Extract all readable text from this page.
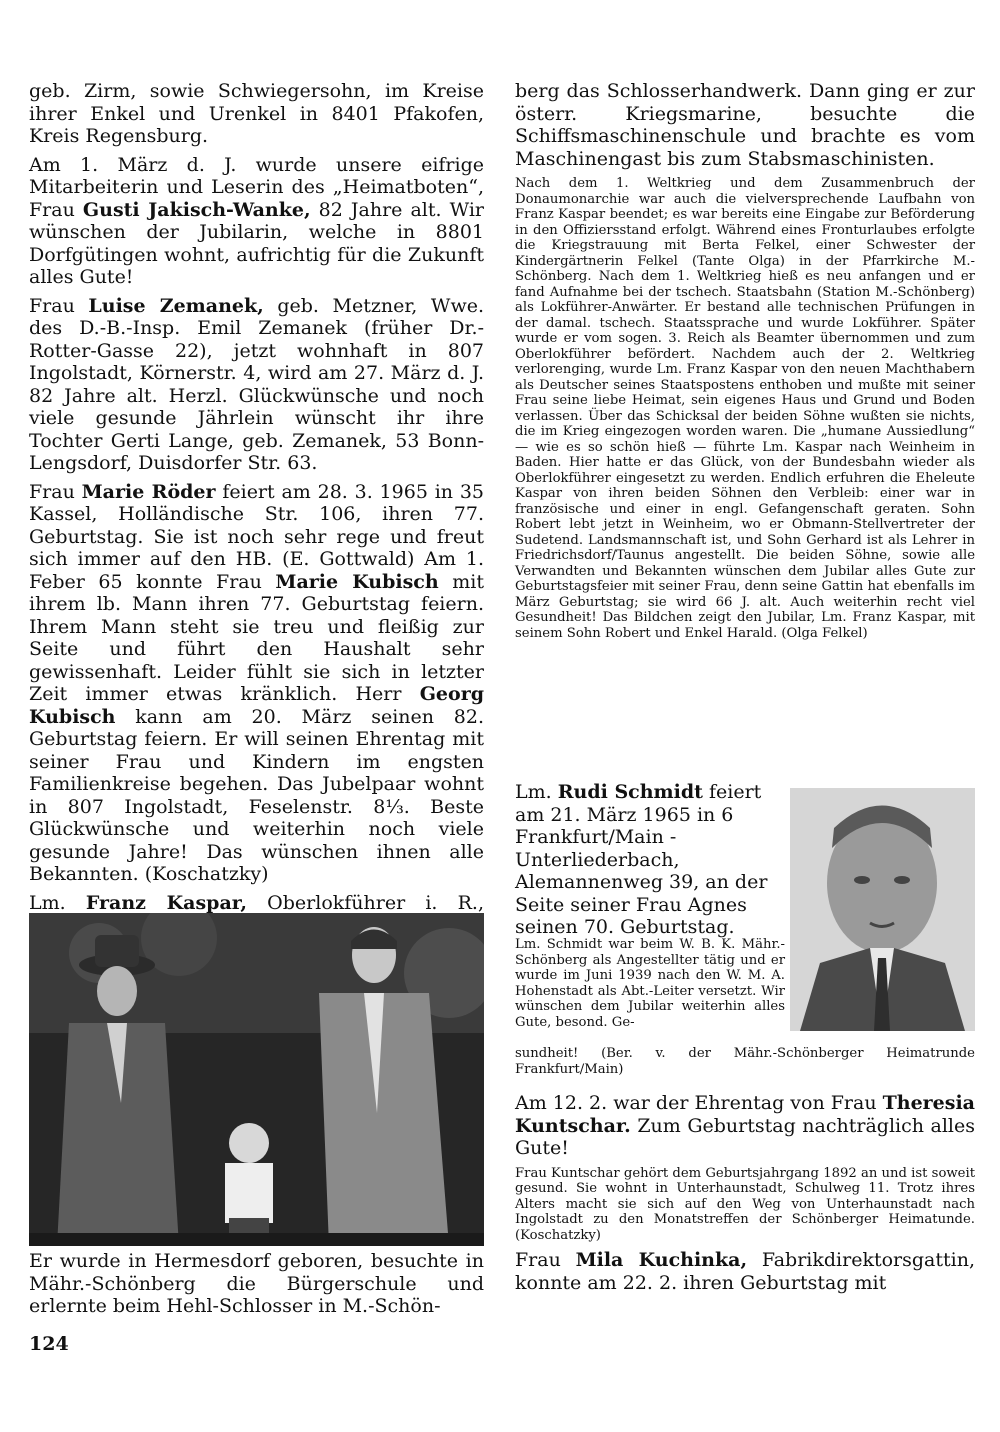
geb. Zirm, sowie Schwiegersohn, im Kreise ihrer Enkel und Urenkel in 8401 Pfakofen, Kreis Regensburg.

Am 1. März d. J. wurde unsere eifrige Mitarbeiterin und Leserin des „Heimatboten“, Frau Gusti Jakisch-Wanke, 82 Jahre alt. Wir wünschen der Jubilarin, welche in 8801 Dorfgütingen wohnt, aufrichtig für die Zukunft alles Gute!

Frau Luise Zemanek, geb. Metzner, Wwe. des D.-B.-Insp. Emil Zemanek (früher Dr.-Rotter-Gasse 22), jetzt wohnhaft in 807 Ingolstadt, Körnerstr. 4, wird am 27. März d. J. 82 Jahre alt. Herzl. Glückwünsche und noch viele gesunde Jährlein wünscht ihr ihre Tochter Gerti Lange, geb. Zemanek, 53 Bonn-Lengsdorf, Duisdorfer Str. 63.

Frau Marie Röder feiert am 28. 3. 1965 in 35 Kassel, Holländische Str. 106, ihren 77. Geburtstag. Sie ist noch sehr rege und freut sich immer auf den HB. (E. Gottwald) Am 1. Feber 65 konnte Frau Marie Kubisch mit ihrem lb. Mann ihren 77. Geburtstag feiern. Ihrem Mann steht sie treu und fleißig zur Seite und führt den Haushalt sehr gewissenhaft. Leider fühlt sie sich in letzter Zeit immer etwas kränklich. Herr Georg Kubisch kann am 20. März seinen 82. Geburtstag feiern. Er will seinen Ehrentag mit seiner Frau und Kindern im engsten Familienkreise begehen. Das Jubelpaar wohnt in 807 Ingolstadt, Feselenstr. 8⅓. Beste Glückwünsche und weiterhin noch viele gesunde Jahre! Das wünschen ihnen alle Bekannten. (Koschatzky)

Lm. Franz Kaspar, Oberlokführer i. R.,

Er wurde in Hermesdorf geboren, besuchte in Mähr.-Schönberg die Bürgerschule und erlernte beim Hehl-Schlosser in M.-Schön-

124

berg das Schlosserhandwerk. Dann ging er zur österr. Kriegsmarine, besuchte die Schiffsmaschinenschule und brachte es vom Maschinengast bis zum Stabsmaschinisten.

Nach dem 1. Weltkrieg und dem Zusammenbruch der Donaumonarchie war auch die vielversprechende Laufbahn von Franz Kaspar beendet; es war bereits eine Eingabe zur Beförderung in den Offiziersstand erfolgt. Während eines Fronturlaubes erfolgte die Kriegstrauung mit Berta Felkel, einer Schwester der Kindergärtnerin Felkel (Tante Olga) in der Pfarrkirche M.-Schönberg. Nach dem 1. Weltkrieg hieß es neu anfangen und er fand Aufnahme bei der tschech. Staatsbahn (Station M.-Schönberg) als Lokführer-Anwärter. Er bestand alle technischen Prüfungen in der damal. tschech. Staatssprache und wurde Lokführer. Später wurde er vom sogen. 3. Reich als Beamter übernommen und zum Oberlokführer befördert. Nachdem auch der 2. Weltkrieg verlorenging, wurde Lm. Franz Kaspar von den neuen Machthabern als Deutscher seines Staatspostens enthoben und mußte mit seiner Frau seine liebe Heimat, sein eigenes Haus und Grund und Boden verlassen. Über das Schicksal der beiden Söhne wußten sie nichts, die im Krieg eingezogen worden waren. Die „humane Aussiedlung“ — wie es so schön hieß — führte Lm. Kaspar nach Weinheim in Baden. Hier hatte er das Glück, von der Bundesbahn wieder als Oberlokführer eingesetzt zu werden. Endlich erfuhren die Eheleute Kaspar von ihren beiden Söhnen den Verbleib: einer war in französische und einer in engl. Gefangenschaft geraten. Sohn Robert lebt jetzt in Weinheim, wo er Obmann-Stellvertreter der Sudetend. Landsmannschaft ist, und Sohn Gerhard ist als Lehrer in Friedrichsdorf/Taunus angestellt. Die beiden Söhne, sowie alle Verwandten und Bekannten wünschen dem Jubilar alles Gute zur Geburtstagsfeier mit seiner Frau, denn seine Gattin hat ebenfalls im März Geburtstag; sie wird 66 J. alt. Auch weiterhin recht viel Gesundheit! Das Bildchen zeigt den Jubilar, Lm. Franz Kaspar, mit seinem Sohn Robert und Enkel Harald. (Olga Felkel)

Lm. Rudi Schmidt feiert am 21. März 1965 in 6 Frankfurt/Main - Unterliederbach, Alemannenweg 39, an der Seite seiner Frau Agnes seinen 70. Geburtstag.

Lm. Schmidt war beim W. B. K. Mähr.-Schönberg als Angestellter tätig und er wurde im Juni 1939 nach den W. M. A. Hohenstadt als Abt.-Leiter versetzt. Wir wünschen dem Jubilar weiterhin alles Gute, besond. Ge-

sundheit! (Ber. v. der Mähr.-Schönberger Heimatrunde Frankfurt/Main)

Am 12. 2. war der Ehrentag von Frau Theresia Kuntschar. Zum Geburtstag nachträglich alles Gute!

Frau Kuntschar gehört dem Geburtsjahrgang 1892 an und ist soweit gesund. Sie wohnt in Unterhaunstadt, Schulweg 11. Trotz ihres Alters macht sie sich auf den Weg von Unterhaunstadt nach Ingolstadt zu den Monatstreffen der Schönberger Heimatunde. (Koschatzky)

Frau Mila Kuchinka, Fabrikdirektorsgattin, konnte am 22. 2. ihren Geburtstag mit
